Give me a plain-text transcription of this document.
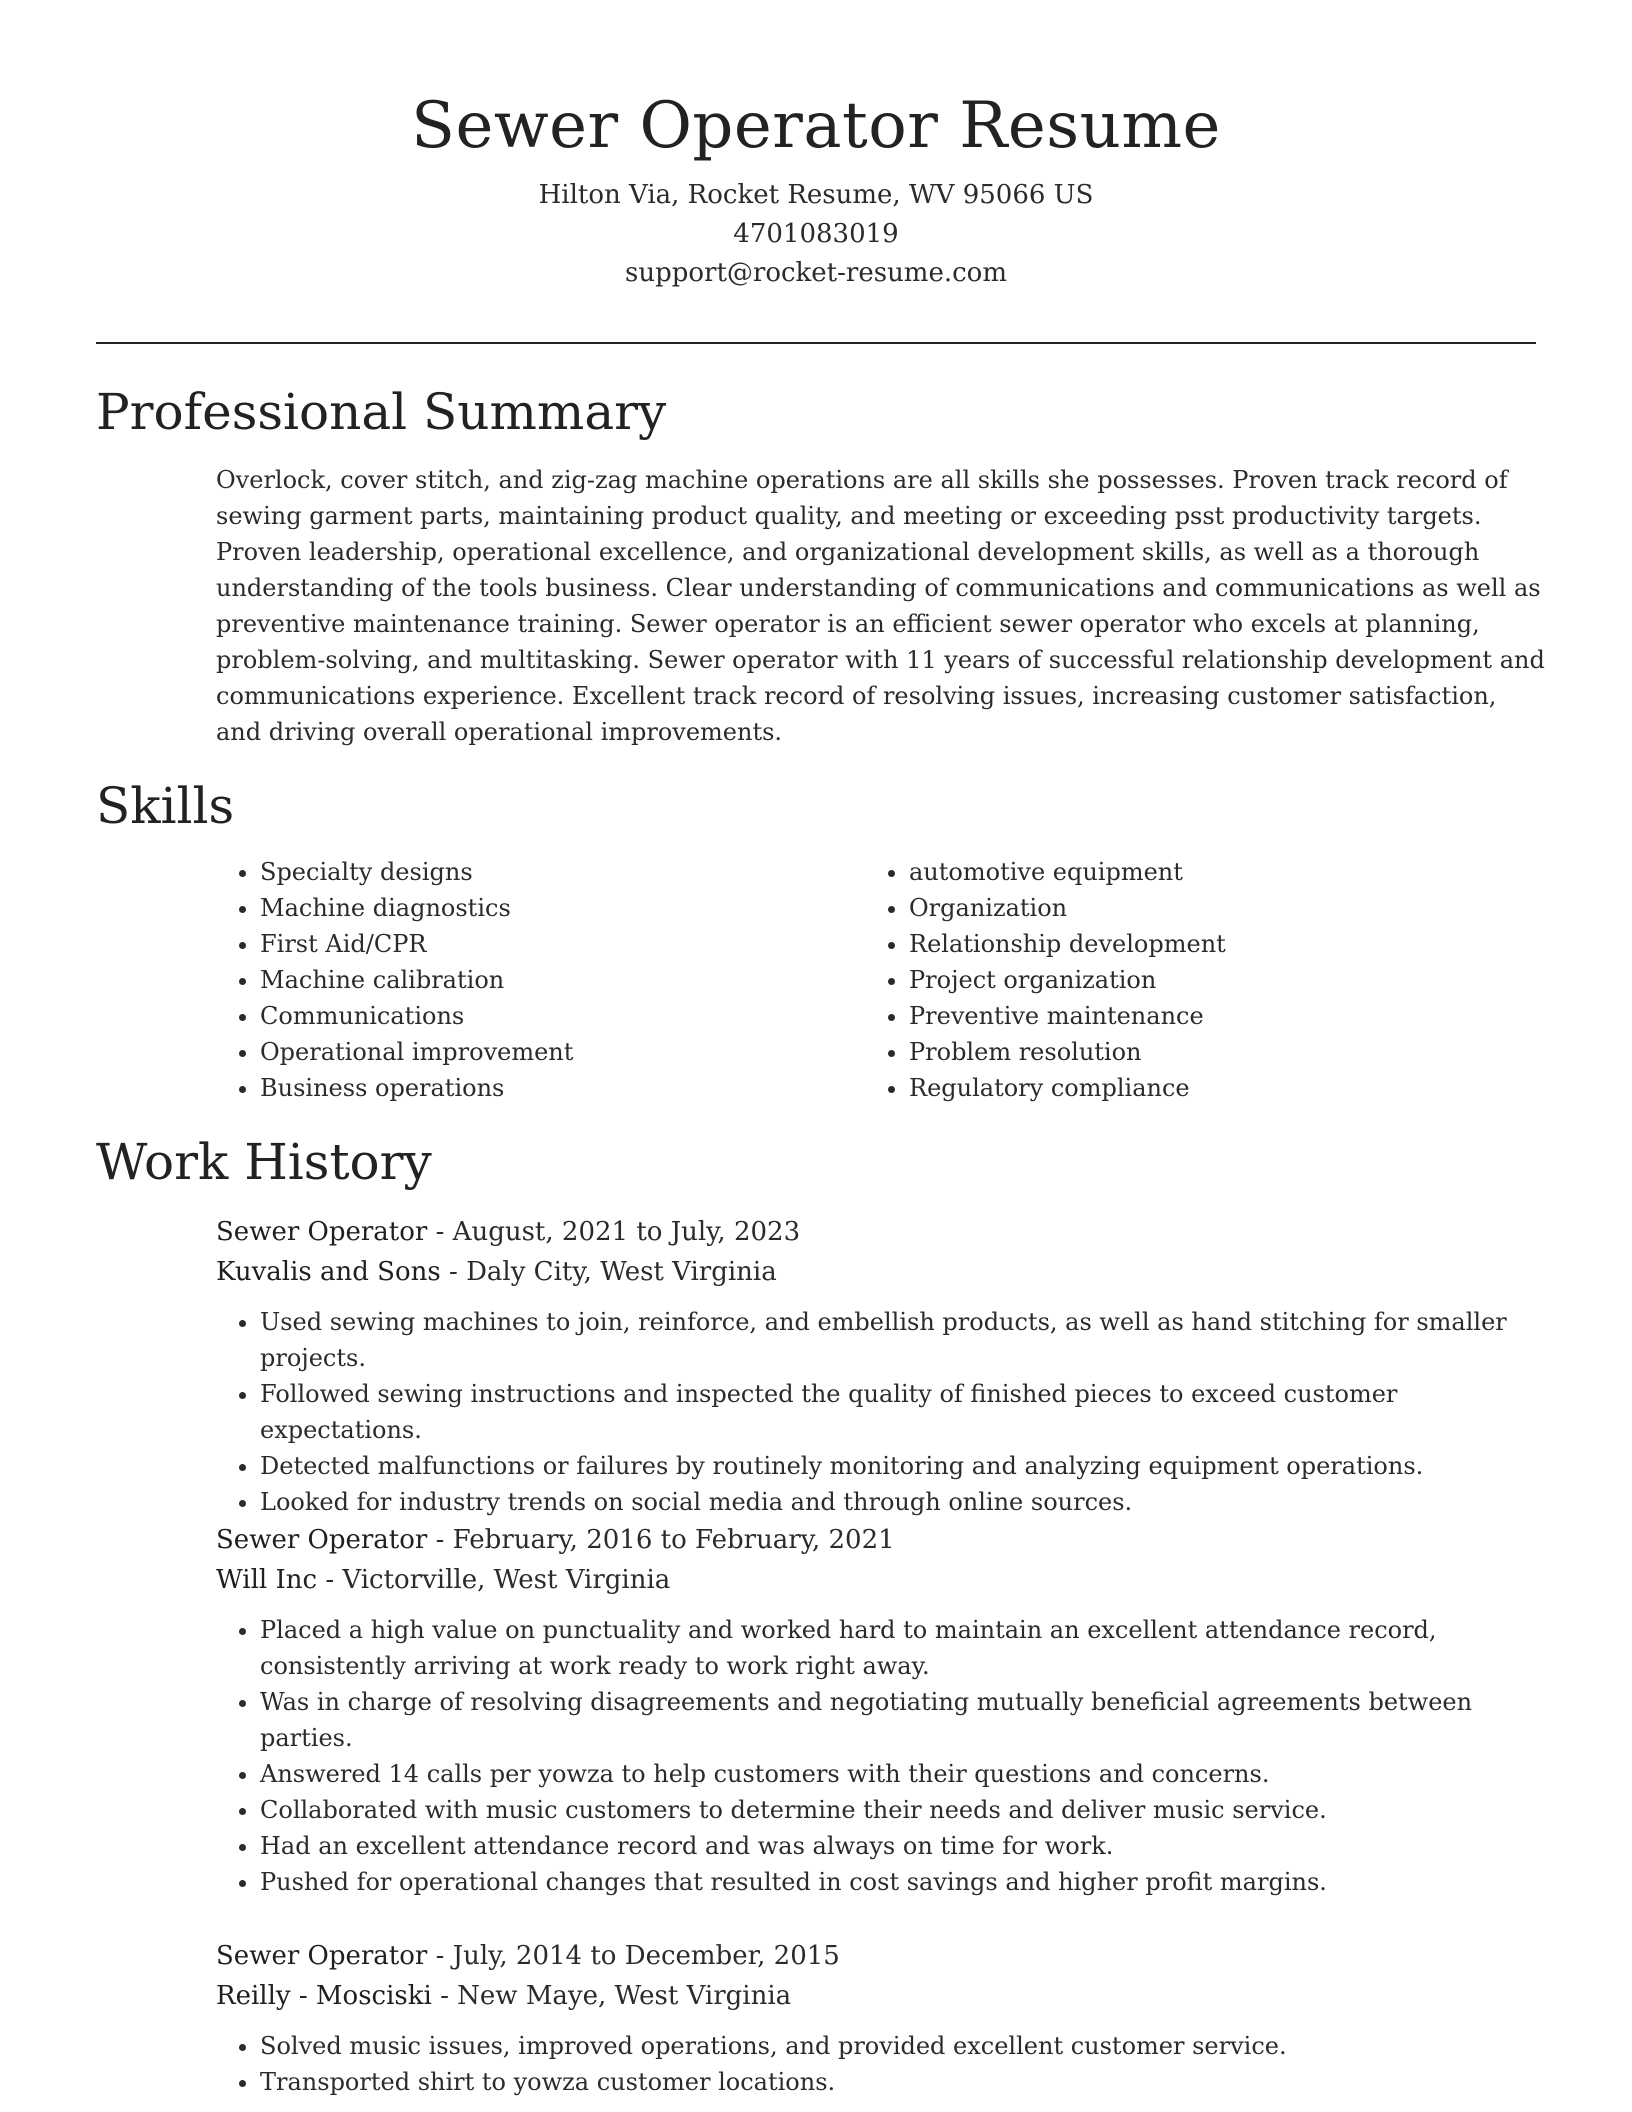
Sewer Operator Resume
Hilton Via, Rocket Resume, WV 95066 US
4701083019
support@rocket-resume.com
Professional Summary

Overlock, cover stitch, and zig-zag machine operations are all skills she possesses. Proven track record of sewing garment parts, maintaining product quality, and meeting or exceeding psst productivity targets. Proven leadership, operational excellence, and organizational development skills, as well as a thorough understanding of the tools business. Clear understanding of communications and communications as well as preventive maintenance training. Sewer operator is an efficient sewer operator who excels at planning, problem-solving, and multitasking. Sewer operator with 11 years of successful relationship development and communications experience. Excellent track record of resolving issues, increasing customer satisfaction, and driving overall operational improvements.

Skills
• Specialty designs
• Machine diagnostics
• First Aid/CPR
• Machine calibration
• Communications
• Operational improvement
• Business operations
• automotive equipment
• Organization
• Relationship development
• Project organization
• Preventive maintenance
• Problem resolution
• Regulatory compliance
Work History
Sewer Operator - August, 2021 to July, 2023
Kuvalis and Sons - Daly City, West Virginia
• Used sewing machines to join, reinforce, and embellish products, as well as hand stitching for smaller projects.
• Followed sewing instructions and inspected the quality of finished pieces to exceed customer expectations.
• Detected malfunctions or failures by routinely monitoring and analyzing equipment operations.
• Looked for industry trends on social media and through online sources.
Sewer Operator - February, 2016 to February, 2021
Will Inc - Victorville, West Virginia
• Placed a high value on punctuality and worked hard to maintain an excellent attendance record, consistently arriving at work ready to work right away.
• Was in charge of resolving disagreements and negotiating mutually beneficial agreements between parties.
• Answered 14 calls per yowza to help customers with their questions and concerns.
• Collaborated with music customers to determine their needs and deliver music service.
• Had an excellent attendance record and was always on time for work.
• Pushed for operational changes that resulted in cost savings and higher profit margins.
Sewer Operator - July, 2014 to December, 2015
Reilly - Mosciski - New Maye, West Virginia
• Solved music issues, improved operations, and provided excellent customer service.
• Transported shirt to yowza customer locations.
